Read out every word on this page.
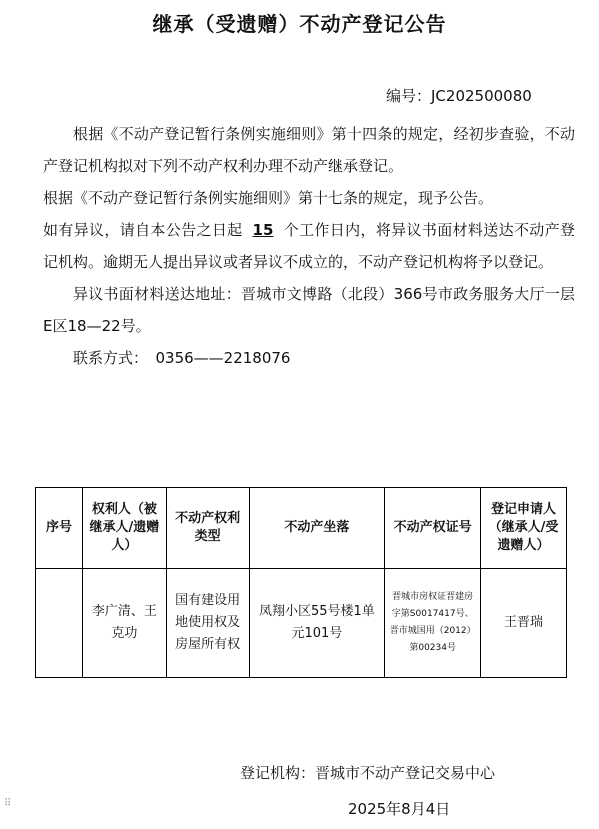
继承（受遗赠）不动产登记公告
编号：JC202500080

根据《不动产登记暂行条例实施细则》第十四条的规定，经初步查验，不动产登记机构拟对下列不动产权利办理不动产继承登记。

根据《不动产登记暂行条例实施细则》第十七条的规定，现予公告。

如有异议，请自本公告之日起 15 个工作日内，将异议书面材料送达不动产登记机构。逾期无人提出异议或者异议不成立的，不动产登记机构将予以登记。

异议书面材料送达地址：晋城市文博路（北段）366号市政务服务大厅一层E区18—22号。

联系方式：　0356——2218076

序号	权利人（被继承人/遗赠人）	不动产权利类型	不动产坐落	不动产权证号	登记申请人（继承人/受遗赠人）
	李广清、王克功	国有建设用地使用权及房屋所有权	凤翔小区55号楼1单元101号	晋城市房权证晋建房字第S0017417号、晋市城国用（2012）第00234号	王晋瑞
登记机构：晋城市不动产登记交易中心
2025年8月4日
⠿
